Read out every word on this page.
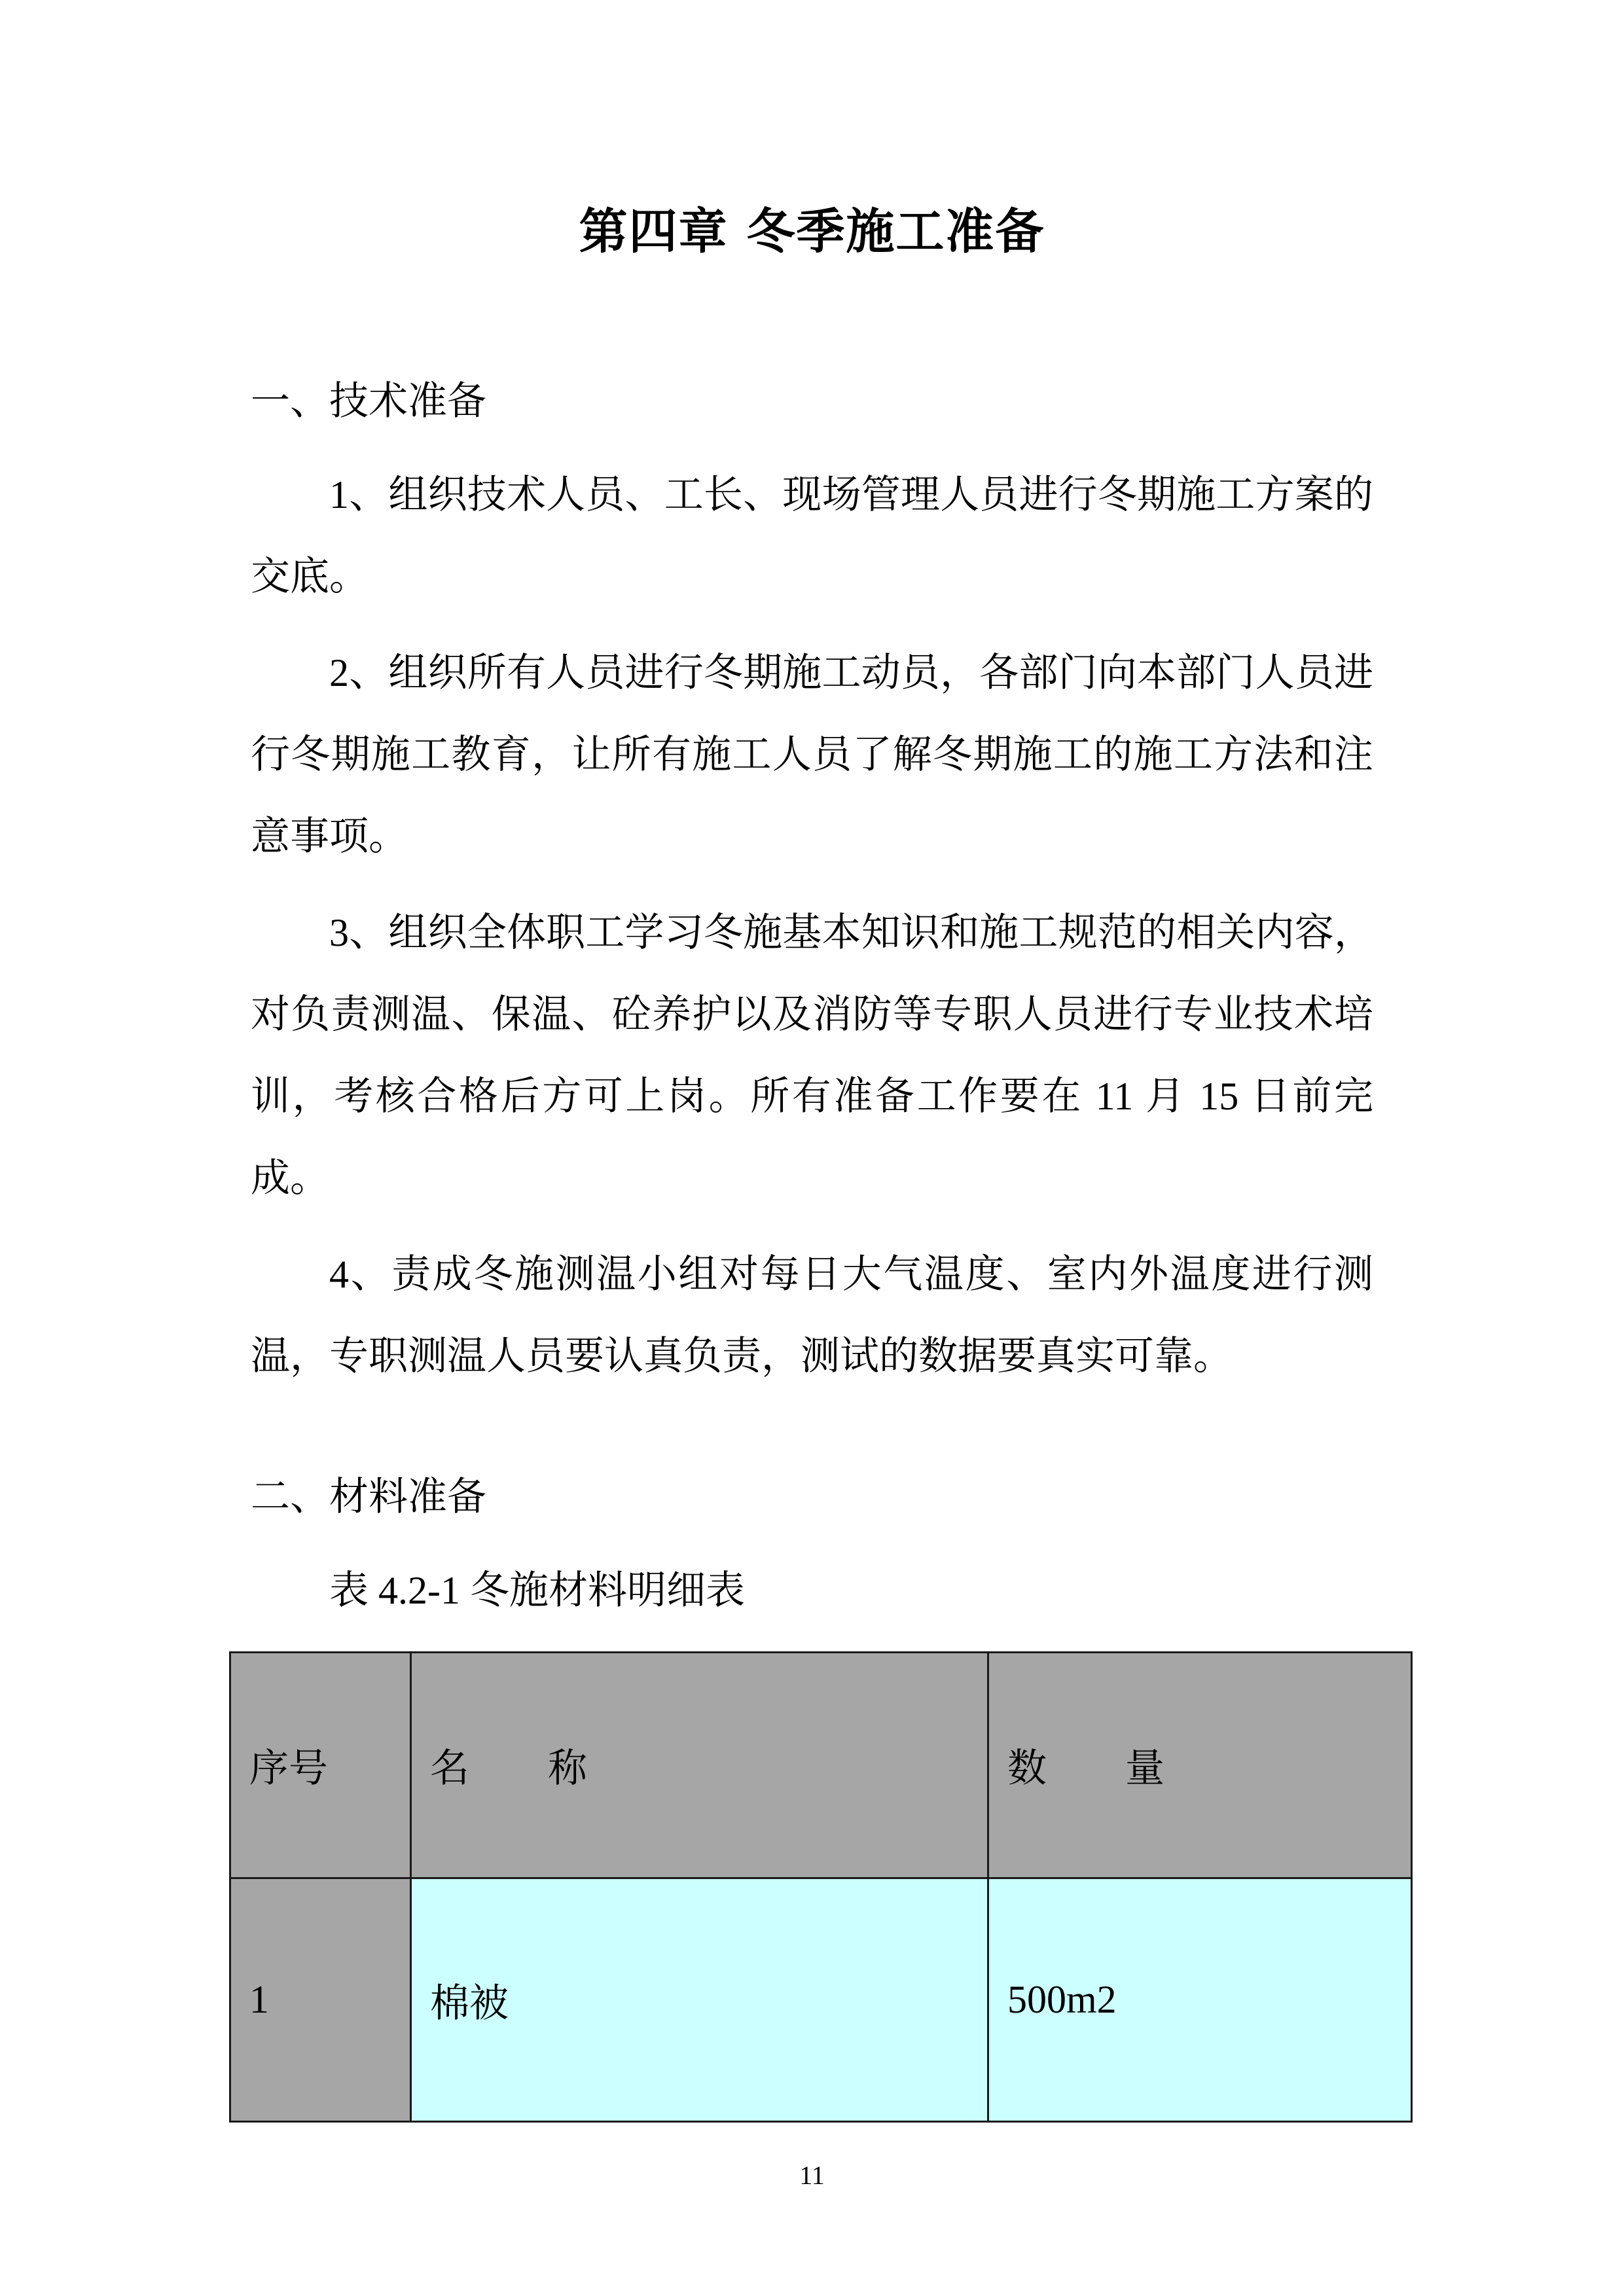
第四章 冬季施工准备

一、技术准备

1、组织技术人员、工长、现场管理人员进行冬期施工方案的交底。

2、组织所有人员进行冬期施工动员，各部门向本部门人员进行冬期施工教育，让所有施工人员了解冬期施工的施工方法和注意事项。

3、组织全体职工学习冬施基本知识和施工规范的相关内容，对负责测温、保温、砼养护以及消防等专职人员进行专业技术培训，考核合格后方可上岗。所有准备工作要在 11 月 15 日前完成。

4、责成冬施测温小组对每日大气温度、室内外温度进行测温，专职测温人员要认真负责，测试的数据要真实可靠。

二、材料准备

表 4.2-1 冬施材料明细表

序号	名　　称	数　　量
1	棉被	500m2
11
